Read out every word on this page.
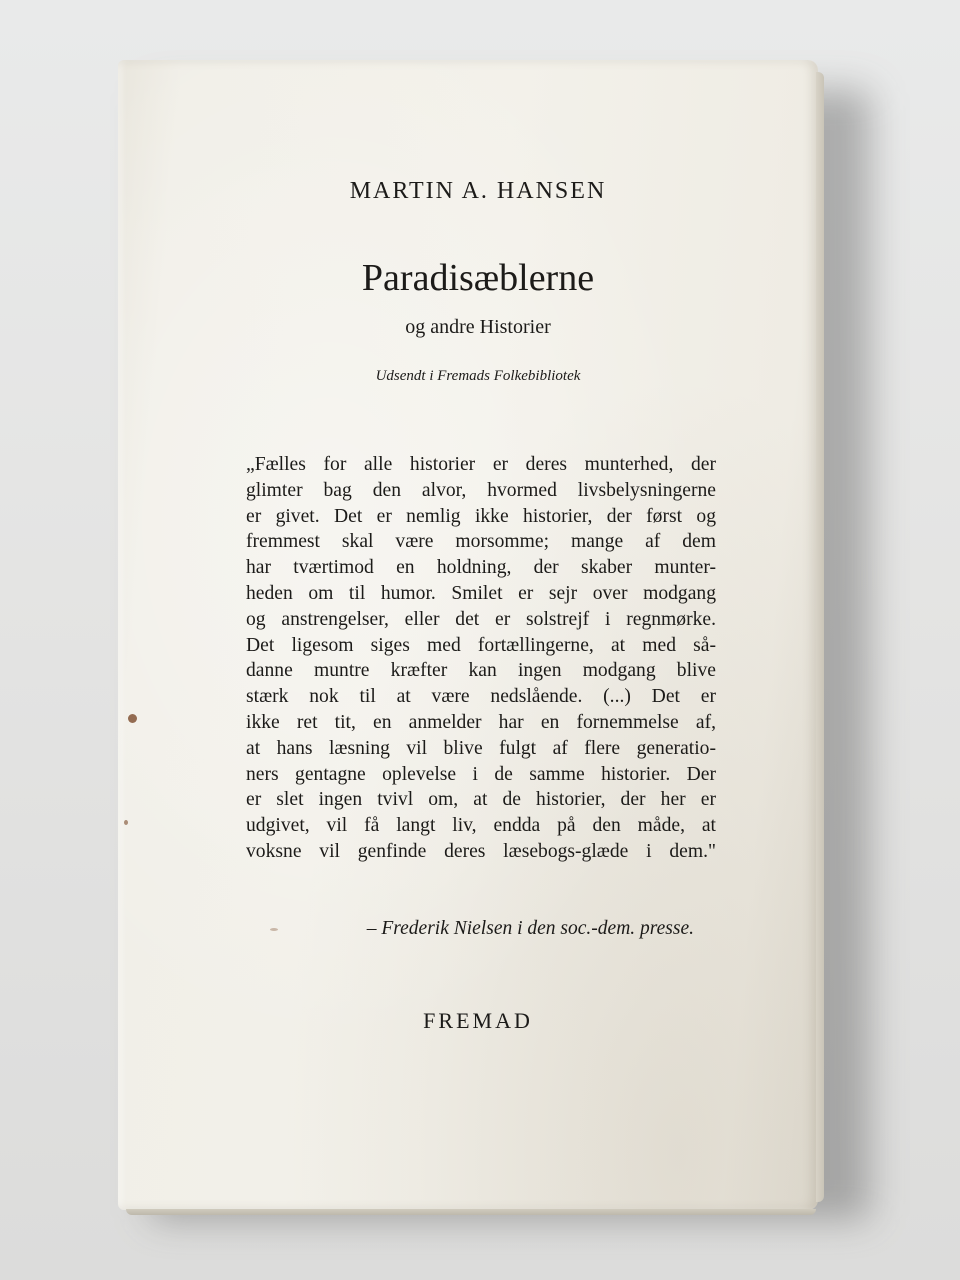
MARTIN A. HANSEN
Paradisæblerne
og andre Historier
Udsendt i Fremads Folkebibliotek
„Fælles for alle historier er deres munterhed, der
glimter bag den alvor, hvormed livsbelysningerne
er givet. Det er nemlig ikke historier, der først og
fremmest skal være morsomme; mange af dem
har tværtimod en holdning, der skaber munter-
heden om til humor. Smilet er sejr over modgang
og anstrengelser, eller det er solstrejf i regnmørke.
Det ligesom siges med fortællingerne, at med så-
danne muntre kræfter kan ingen modgang blive
stærk nok til at være nedslående. (...) Det er
ikke ret tit, en anmelder har en fornemmelse af,
at hans læsning vil blive fulgt af flere generatio-
ners gentagne oplevelse i de samme historier. Der
er slet ingen tvivl om, at de historier, der her er
udgivet, vil få langt liv, endda på den måde, at
voksne vil genfinde deres læsebogs-glæde i dem."
– Frederik Nielsen i den soc.-dem. presse.
FREMAD
